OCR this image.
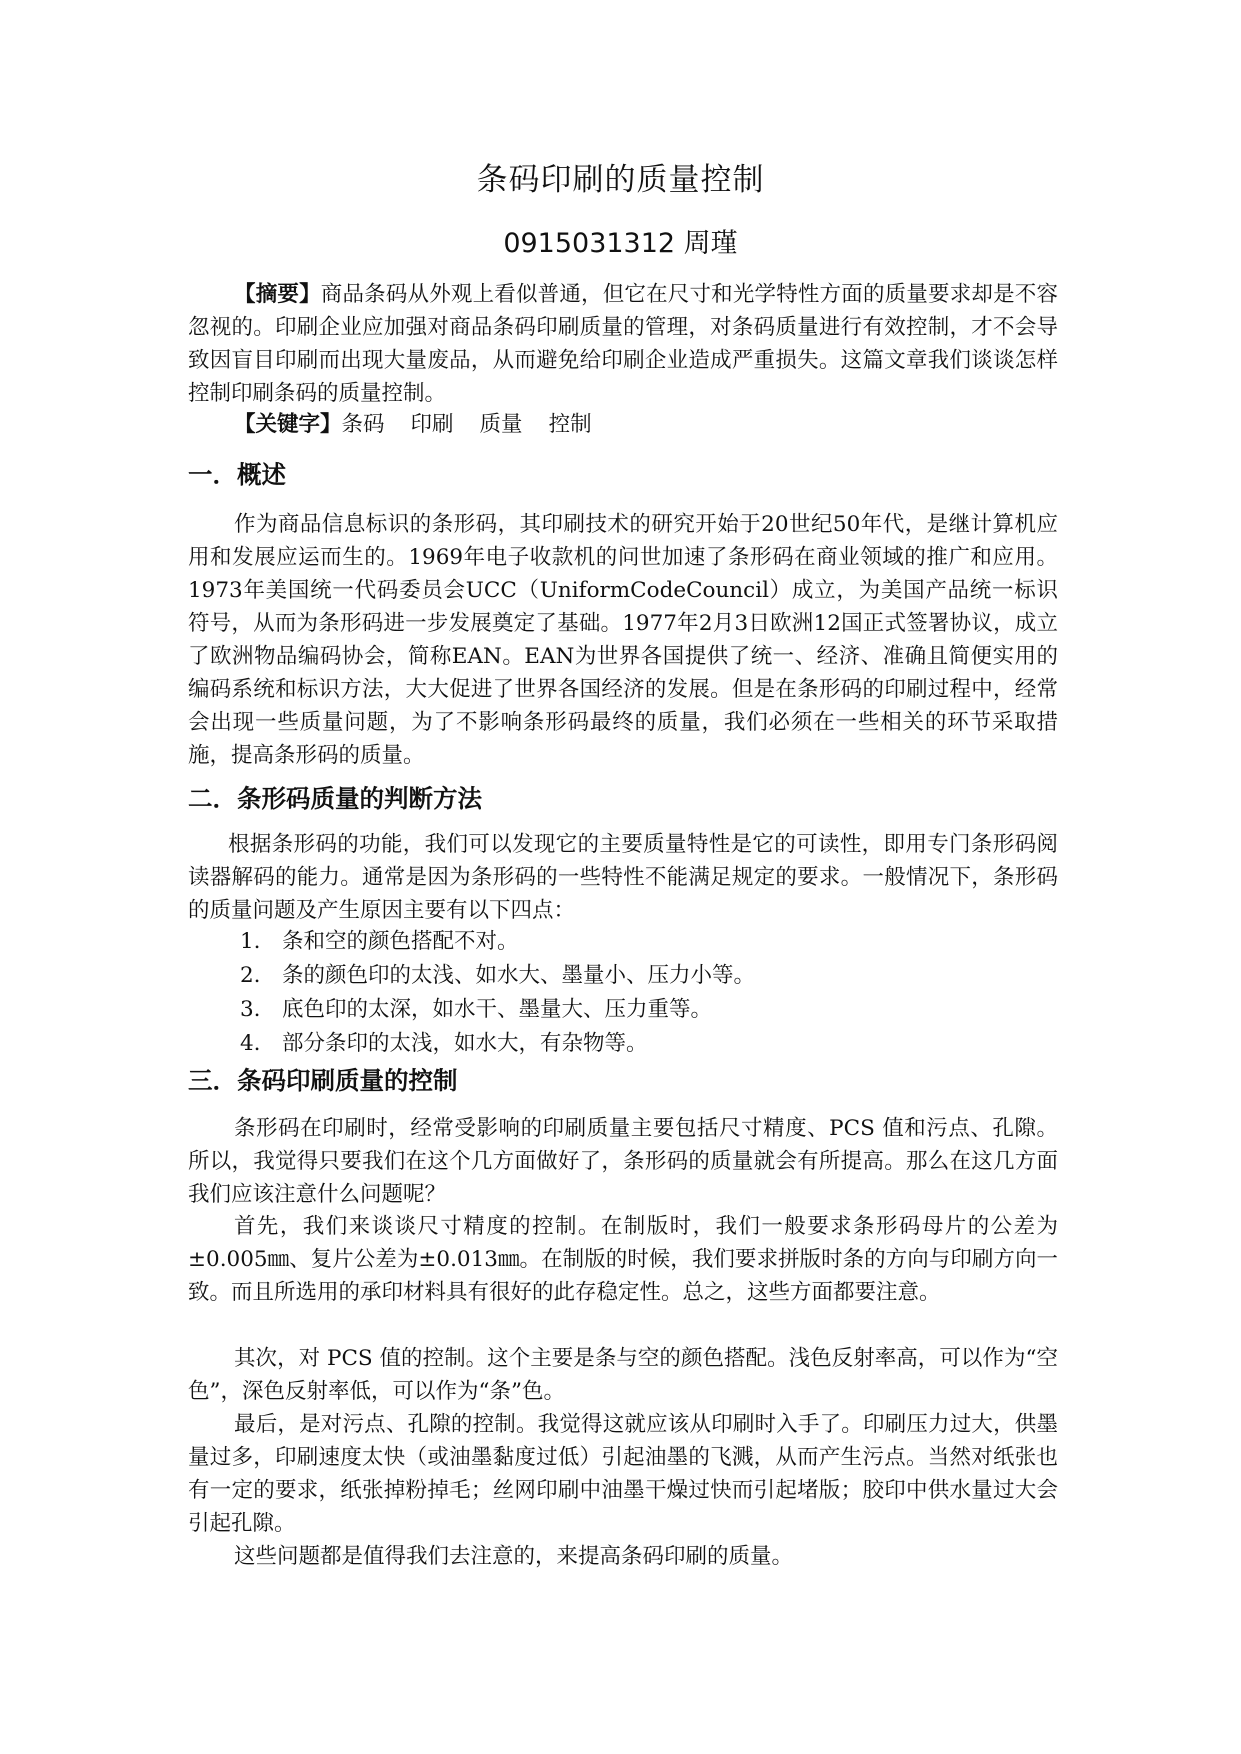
条码印刷的质量控制
0915031312 周瑾
【摘要】商品条码从外观上看似普通，但它在尺寸和光学特性方面的质量要求却是不容忽视的。印刷企业应加强对商品条码印刷质量的管理，对条码质量进行有效控制，才不会导致因盲目印刷而出现大量废品，从而避免给印刷企业造成严重损失。这篇文章我们谈谈怎样控制印刷条码的质量控制。
【关键字】条码 印刷 质量 控制
一．概述
作为商品信息标识的条形码，其印刷技术的研究开始于20世纪50年代，是继计算机应用和发展应运而生的。1969年电子收款机的问世加速了条形码在商业领域的推广和应用。1973年美国统一代码委员会UCC（UniformCodeCouncil）成立，为美国产品统一标识符号，从而为条形码进一步发展奠定了基础。1977年2月3日欧洲12国正式签署协议，成立了欧洲物品编码协会，简称EAN。EAN为世界各国提供了统一、经济、准确且简便实用的编码系统和标识方法，大大促进了世界各国经济的发展。但是在条形码的印刷过程中，经常会出现一些质量问题，为了不影响条形码最终的质量，我们必须在一些相关的环节采取措施，提高条形码的质量。
二．条形码质量的判断方法
根据条形码的功能，我们可以发现它的主要质量特性是它的可读性，即用专门条形码阅读器解码的能力。通常是因为条形码的一些特性不能满足规定的要求。一般情况下，条形码的质量问题及产生原因主要有以下四点：
1. 条和空的颜色搭配不对。
2. 条的颜色印的太浅、如水大、墨量小、压力小等。
3. 底色印的太深，如水干、墨量大、压力重等。
4. 部分条印的太浅，如水大，有杂物等。
三．条码印刷质量的控制
条形码在印刷时，经常受影响的印刷质量主要包括尺寸精度、PCS 值和污点、孔隙。所以，我觉得只要我们在这个几方面做好了，条形码的质量就会有所提高。那么在这几方面我们应该注意什么问题呢？
首先，我们来谈谈尺寸精度的控制。在制版时，我们一般要求条形码母片的公差为±0.005㎜、复片公差为±0.013㎜。在制版的时候，我们要求拼版时条的方向与印刷方向一致。而且所选用的承印材料具有很好的此存稳定性。总之，这些方面都要注意。
其次，对 PCS 值的控制。这个主要是条与空的颜色搭配。浅色反射率高，可以作为“空色”，深色反射率低，可以作为“条”色。
最后，是对污点、孔隙的控制。我觉得这就应该从印刷时入手了。印刷压力过大，供墨量过多，印刷速度太快（或油墨黏度过低）引起油墨的飞溅，从而产生污点。当然对纸张也有一定的要求，纸张掉粉掉毛；丝网印刷中油墨干燥过快而引起堵版；胶印中供水量过大会引起孔隙。
这些问题都是值得我们去注意的，来提高条码印刷的质量。
